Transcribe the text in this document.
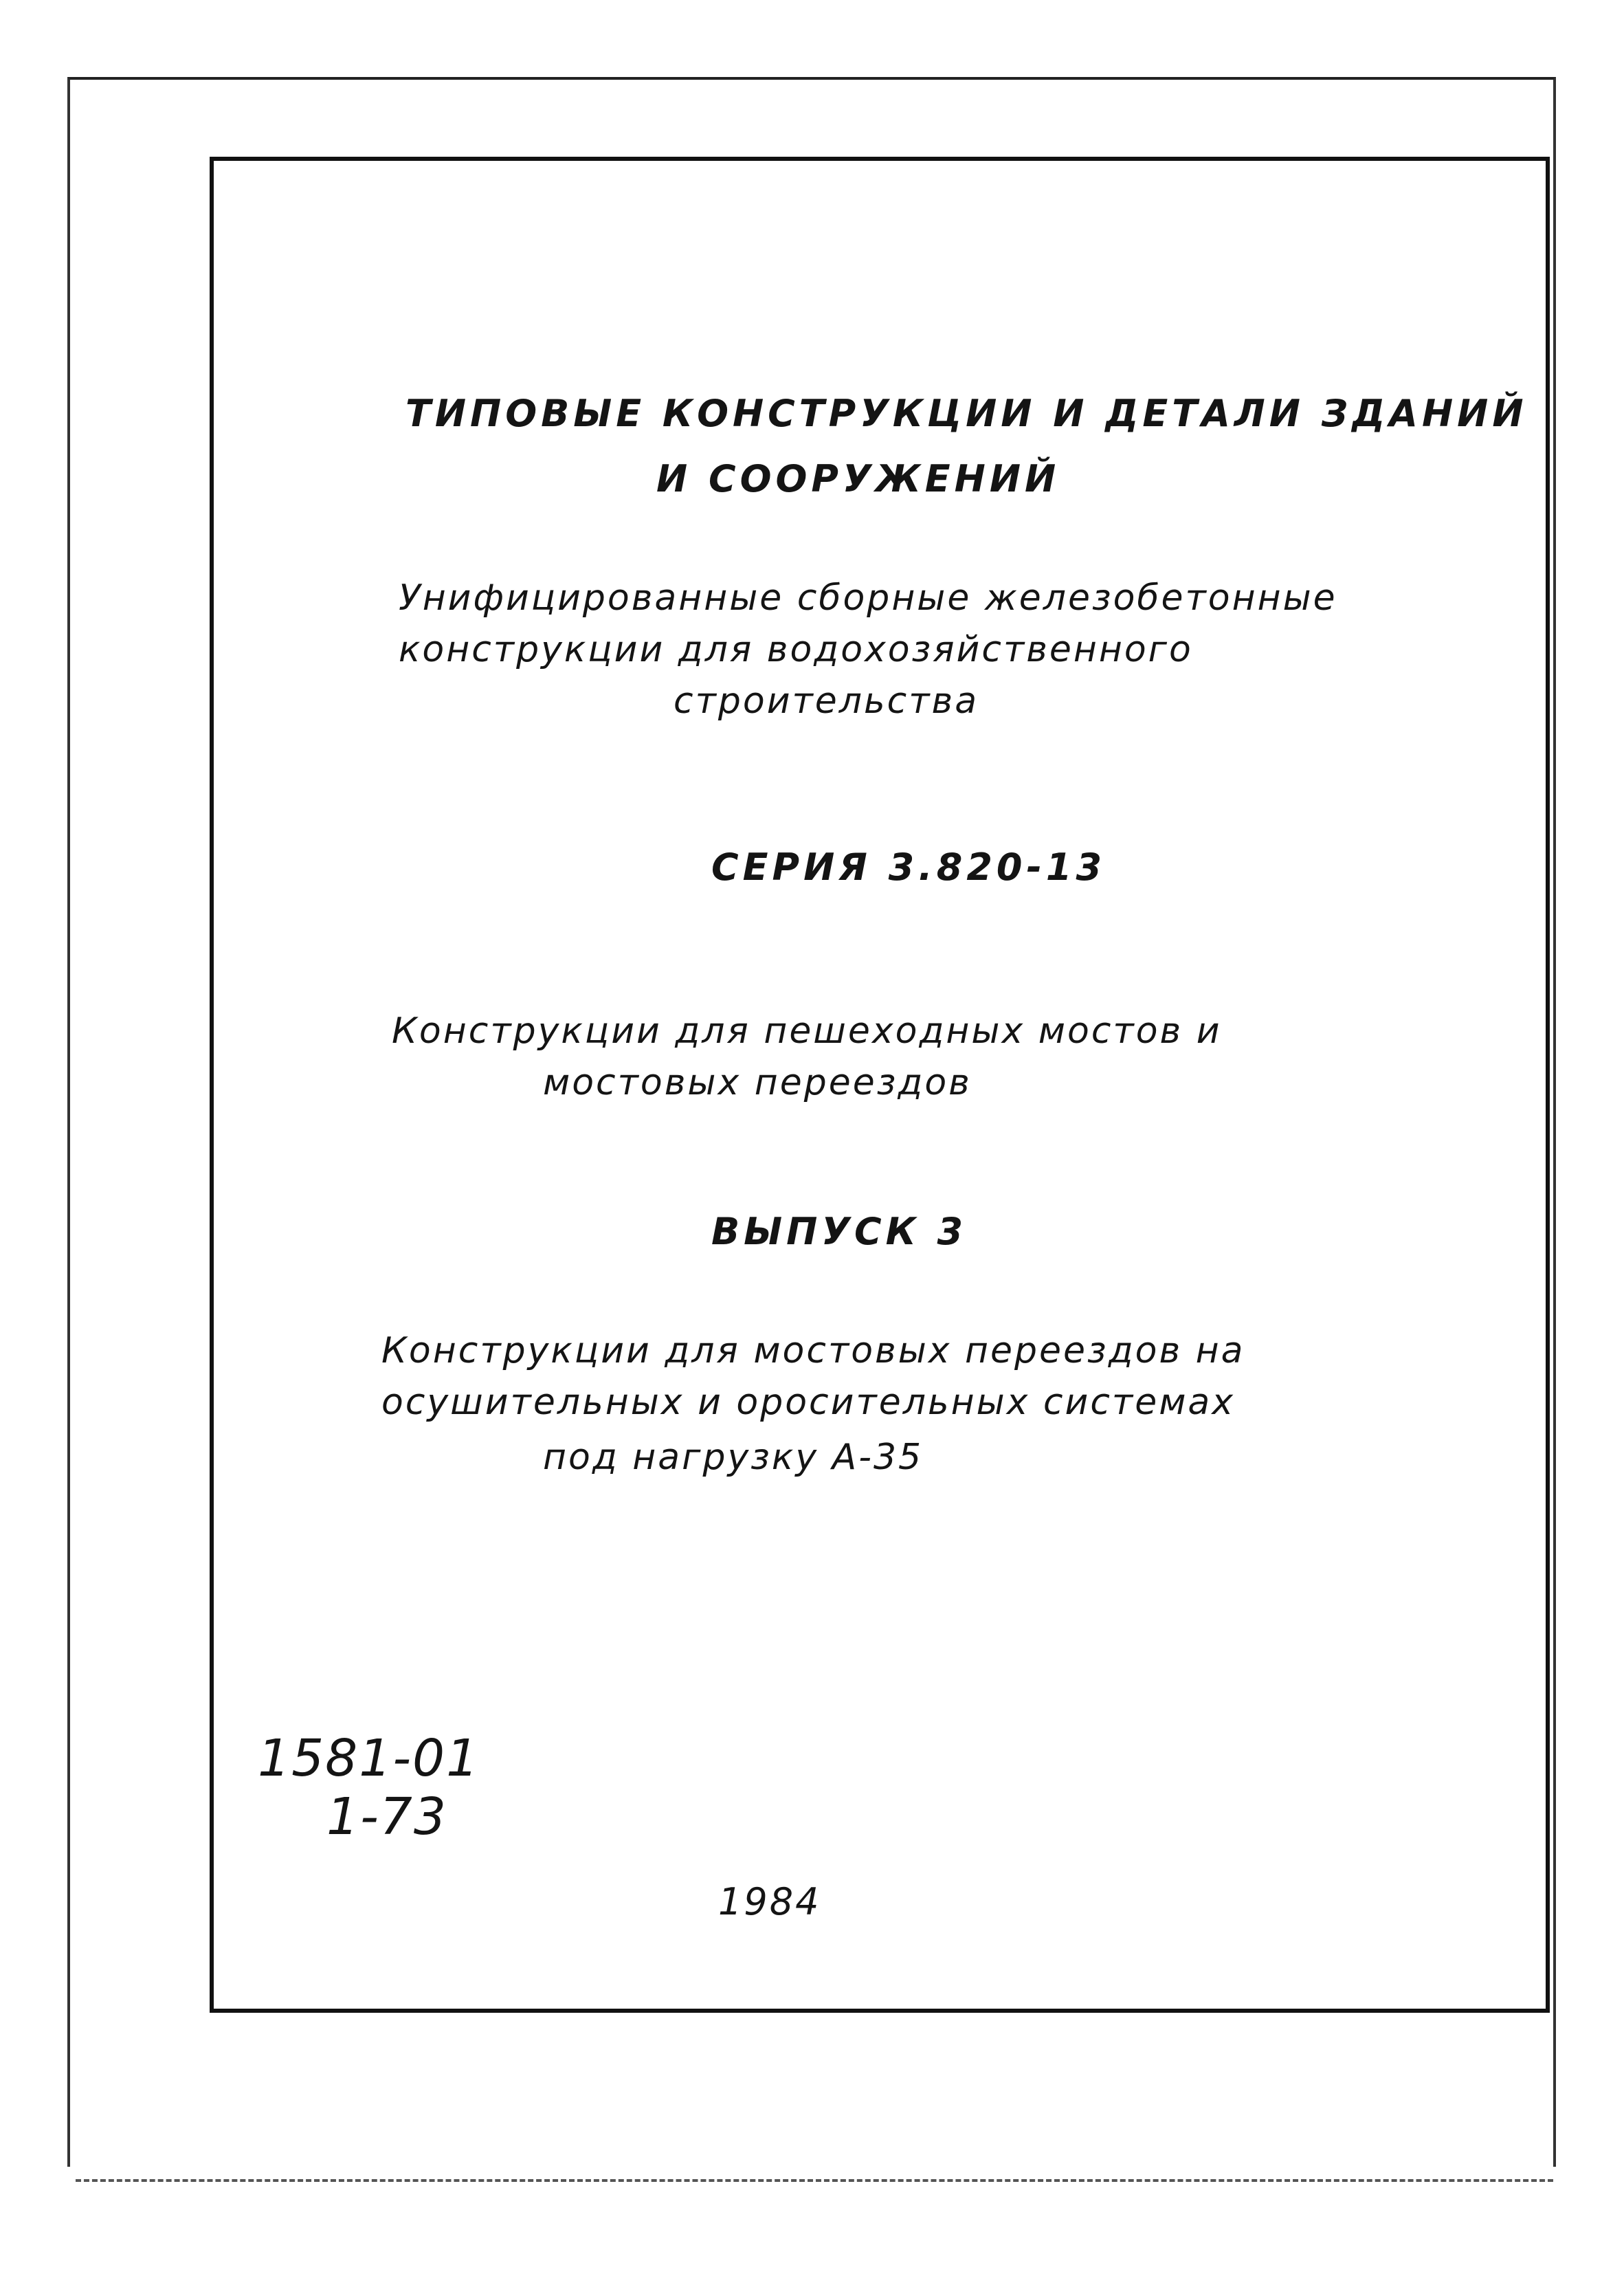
ТИПОВЫЕ КОНСТРУКЦИИ И ДЕТАЛИ ЗДАНИЙ
И СООРУЖЕНИЙ
Унифицированные сборные железобетонные
конструкции для водохозяйственного
строительства
СЕРИЯ 3.820-13
Конструкции для пешеходных мостов и
мостовых переездов
ВЫПУСК 3
Конструкции для мостовых переездов на
осушительных и оросительных системах
под нагрузку А-35
1581-01
1-73
1984
